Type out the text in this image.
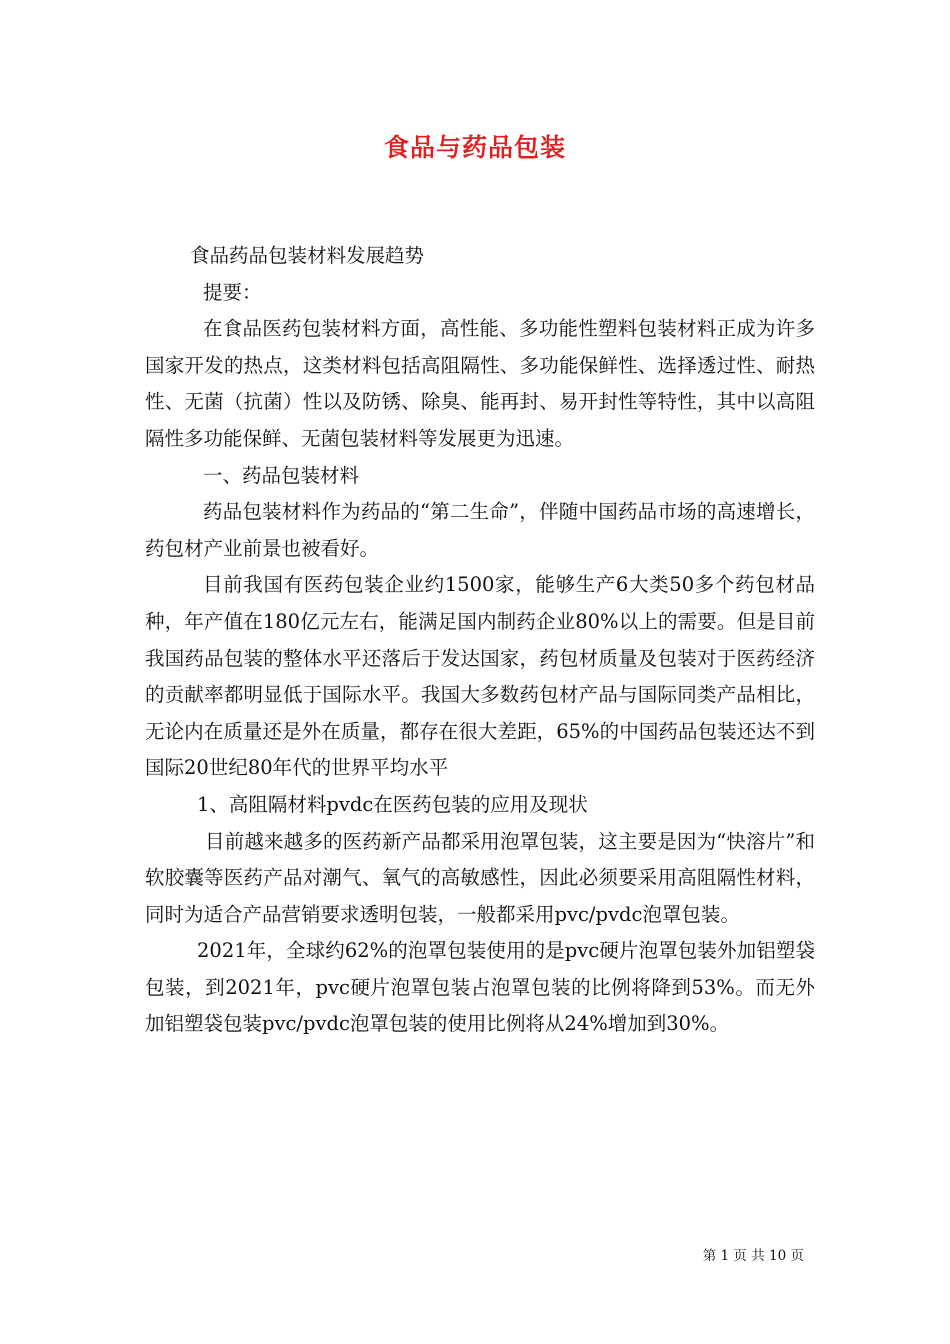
食品与药品包装

食品药品包装材料发展趋势

提要：

在食品医药包装材料方面，高性能、多功能性塑料包装材料正成为许多国家开发的热点，这类材料包括高阻隔性、多功能保鲜性、选择透过性、耐热性、无菌（抗菌）性以及防锈、除臭、能再封、易开封性等特性，其中以高阻隔性多功能保鲜、无菌包装材料等发展更为迅速。

一、药品包装材料

药品包装材料作为药品的“第二生命”，伴随中国药品市场的高速增长，药包材产业前景也被看好。

目前我国有医药包装企业约1500家，能够生产6大类50多个药包材品种，年产值在180亿元左右，能满足国内制药企业80%以上的需要。但是目前我国药品包装的整体水平还落后于发达国家，药包材质量及包装对于医药经济的贡献率都明显低于国际水平。我国大多数药包材产品与国际同类产品相比，无论内在质量还是外在质量，都存在很大差距，65%的中国药品包装还达不到国际20世纪80年代的世界平均水平

1、高阻隔材料pvdc在医药包装的应用及现状

目前越来越多的医药新产品都采用泡罩包装，这主要是因为“快溶片”和软胶囊等医药产品对潮气、氧气的高敏感性，因此必须要采用高阻隔性材料，同时为适合产品营销要求透明包装，一般都采用pvc/pvdc泡罩包装。

2021年，全球约62%的泡罩包装使用的是pvc硬片泡罩包装外加铝塑袋包装，到2021年，pvc硬片泡罩包装占泡罩包装的比例将降到53%。而无外加铝塑袋包装pvc/pvdc泡罩包装的使用比例将从24%增加到30%。

第 1 页 共 10 页
